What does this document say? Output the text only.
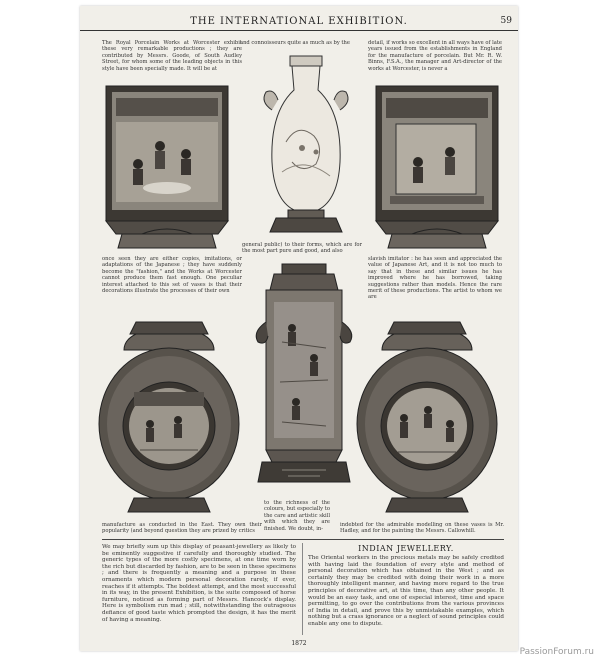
THE INTERNATIONAL EXHIBITION.	59
The Royal Porcelain Works at Worcester exhibit these very remarkable productions ; they are contributed by Messrs. Goode, of South Audley Street, for whom some of the leading objects in this style have been specially made. It will be at
and connoisseurs quite as much as by the	detail, if works so excellent in all ways have of late years issued from the establishments in England for the manufacture of porcelain. But Mr. R. W. Binns, F.S.A., the manager and Art-director of the works at Worcester, is never a
once seen they are either copies, imitations, or adaptations of the Japanese ; they have suddenly become the "fashion," and the Works at Worcester cannot produce them fast enough. One peculiar interest attached to this set of vases is that their decorations illustrate the processes of their own
general public) to their forms, which are for the most part pure and good, and also
slavish imitator : he has seen and appreciated the value of Japanese Art, and it is not too much to say that in these and similar issues he has improved where he has borrowed, taking suggestions rather than models. Hence the rare merit of these productions. The artist to whom we are
manufacture as conducted in the East. They own their popularity (and beyond question they are prized by critics
to the richness of the colours, but especially to the care and artistic skill with which they are finished. We doubt, in-
indebted for the admirable modelling on these vases is Mr. Hadley, and for the painting the Messrs. Callowhill.
We may briefly sum up this display of peasant-jewellery as likely to be eminently suggestive if carefully and thoroughly studied. The generic types of the more costly specimens, at one time worn by the rich but discarded by fashion, are to be seen in these specimens ; and there is frequently a meaning and a purpose in these ornaments which modern personal decoration rarely, if ever, reaches if it attempts. The boldest attempt, and the most successful in its way, in the present Exhibition, is the suite composed of horse furniture, noticed as forming part of Messrs. Hancock's display. Here is symbolism run mad ; still, notwithstanding the outrageous defiance of good taste which prompted the design, it has the merit of having a meaning.
INDIAN JEWELLERY.
The Oriental workers in the precious metals may be safely credited with having laid the foundation of every style and method of personal decoration which has obtained in the West ; and as certainly they may be credited with doing their work in a more thoroughly intelligent manner, and having more regard to the true principles of decorative art, at this time, than any other people. It would be an easy task, and one of especial interest, time and space permitting, to go over the contributions from the various provinces of India in detail, and prove this by unmistakable examples, which nothing but a crass ignorance or a neglect of sound principles could enable any one to dispute.
1872
PassionForum.ru
